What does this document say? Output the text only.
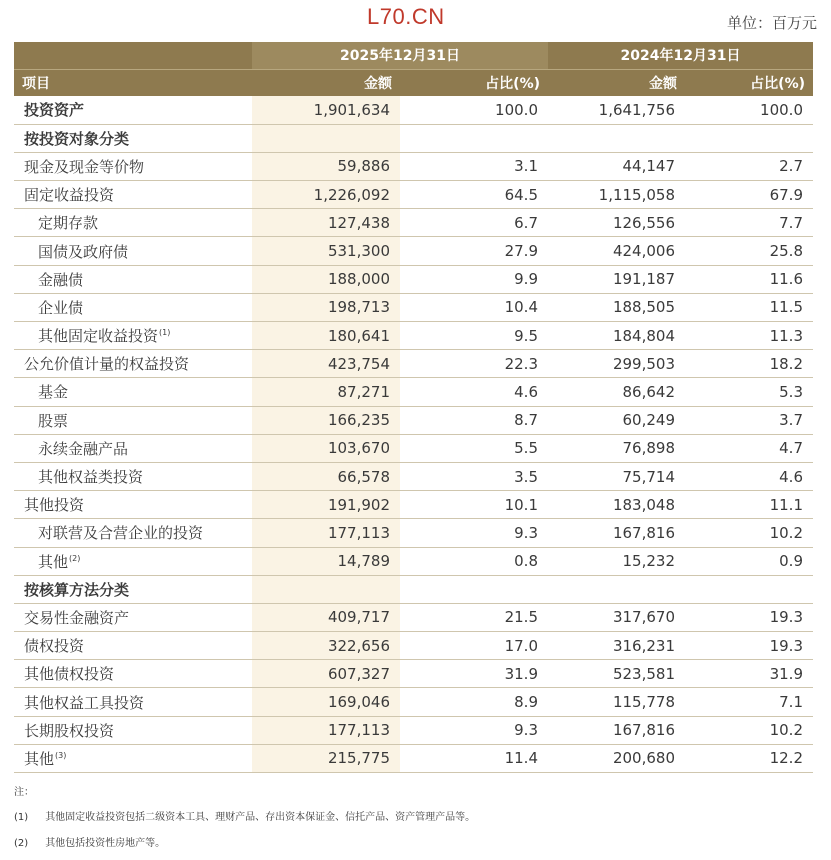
L70.CN	单位：百万元
	2025年12月31日		2024年12月31日	
项目	金额	占比(%)	金额	占比(%)
投资资产	1,901,634	100.0	1,641,756	100.0
按投资对象分类				
现金及现金等价物	59,886	3.1	44,147	2.7
固定收益投资	1,226,092	64.5	1,115,058	67.9
定期存款	127,438	6.7	126,556	7.7
国债及政府债	531,300	27.9	424,006	25.8
金融债	188,000	9.9	191,187	11.6
企业债	198,713	10.4	188,505	11.5
其他固定收益投资$^{(1)}$	180,641	9.5	184,804	11.3
公允价值计量的权益投资	423,754	22.3	299,503	18.2
基金	87,271	4.6	86,642	5.3
股票	166,235	8.7	60,249	3.7
永续金融产品	103,670	5.5	76,898	4.7
其他权益类投资	66,578	3.5	75,714	4.6
其他投资	191,902	10.1	183,048	11.1
对联营及合营企业的投资	177,113	9.3	167,816	10.2
其他$^{(2)}$	14,789	0.8	15,232	0.9
按核算方法分类				
交易性金融资产	409,717	21.5	317,670	19.3
债权投资	322,656	17.0	316,231	19.3
其他债权投资	607,327	31.9	523,581	31.9
其他权益工具投资	169,046	8.9	115,778	7.1
长期股权投资	177,113	9.3	167,816	10.2
其他$^{(3)}$	215,775	11.4	200,680	12.2
注：
(1) 其他固定收益投资包括二级资本工具、理财产品、存出资本保证金、信托产品、资产管理产品等。
(2) 其他包括投资性房地产等。
